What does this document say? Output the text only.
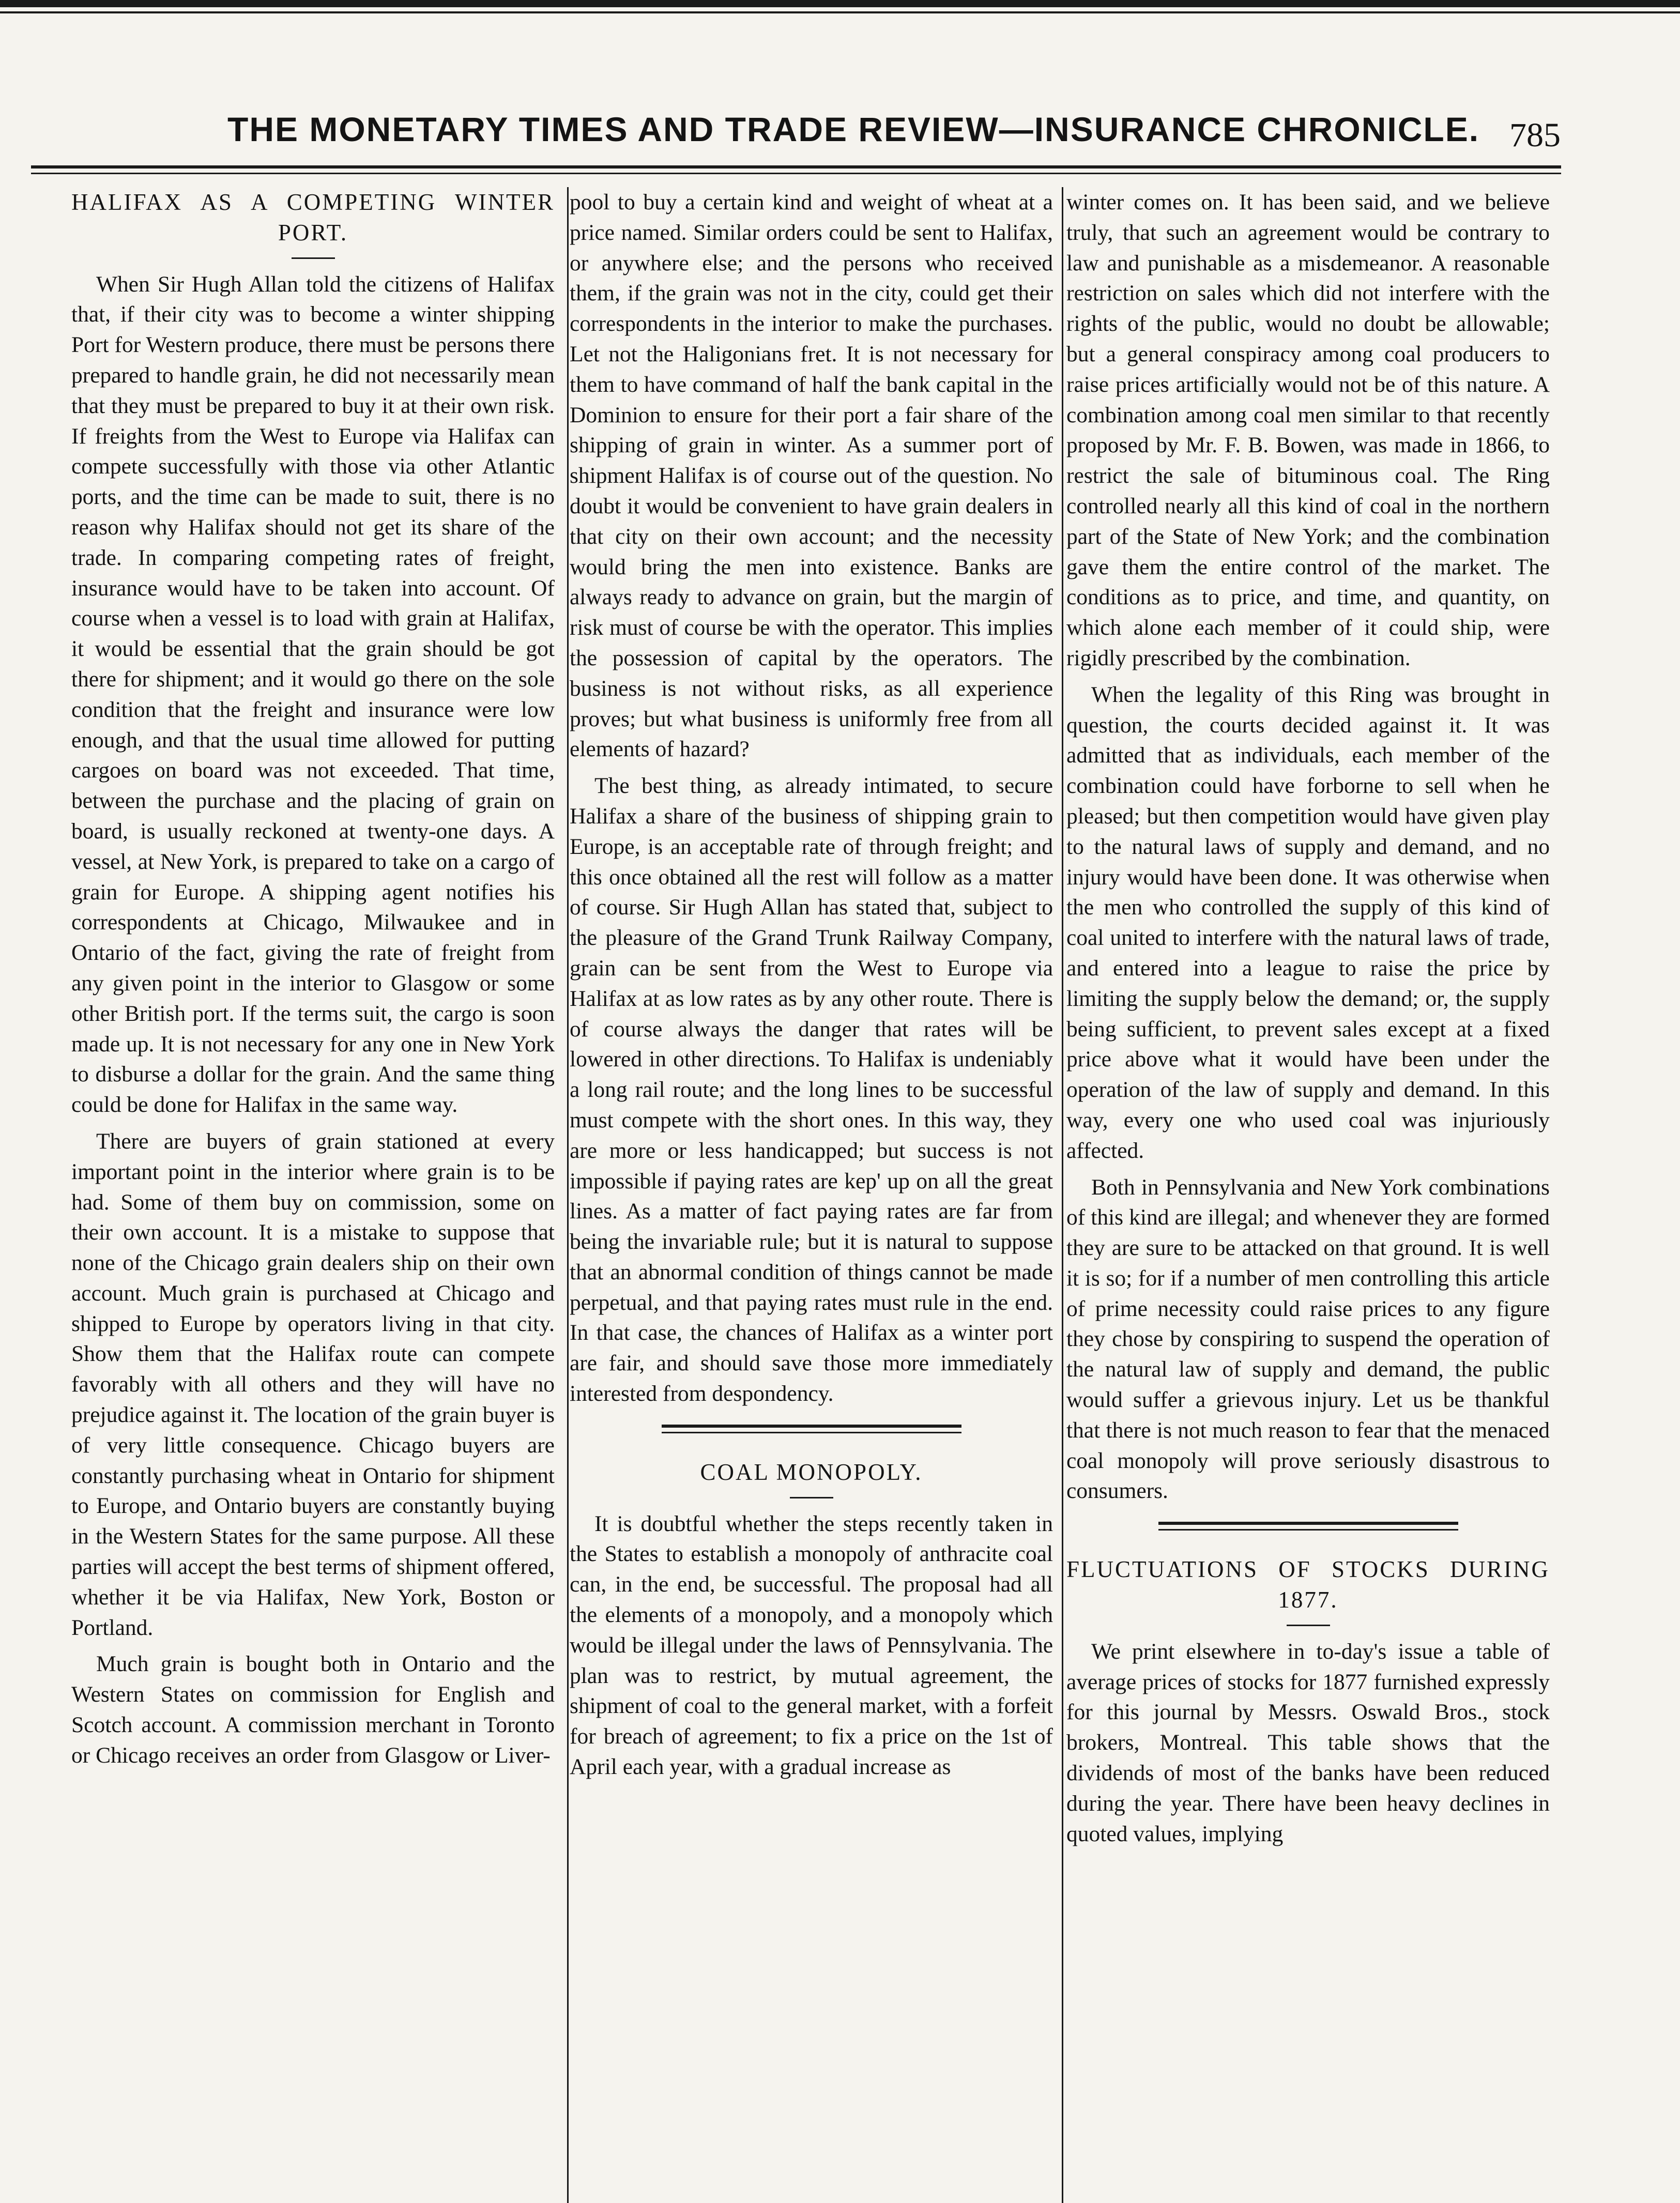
THE MONETARY TIMES AND TRADE REVIEW—INSURANCE CHRONICLE. 785
HALIFAX AS A COMPETING WINTER PORT.

When Sir Hugh Allan told the citizens of Halifax that, if their city was to become a winter shipping Port for Western produce, there must be persons there prepared to handle grain, he did not necessarily mean that they must be prepared to buy it at their own risk. If freights from the West to Europe via Halifax can compete successfully with those via other Atlantic ports, and the time can be made to suit, there is no reason why Halifax should not get its share of the trade. In comparing competing rates of freight, insurance would have to be taken into account. Of course when a vessel is to load with grain at Halifax, it would be essential that the grain should be got there for shipment; and it would go there on the sole condition that the freight and insurance were low enough, and that the usual time allowed for putting cargoes on board was not exceeded. That time, between the purchase and the placing of grain on board, is usually reckoned at twenty-one days. A vessel, at New York, is prepared to take on a cargo of grain for Europe. A shipping agent notifies his correspondents at Chicago, Milwaukee and in Ontario of the fact, giving the rate of freight from any given point in the interior to Glasgow or some other British port. If the terms suit, the cargo is soon made up. It is not necessary for any one in New York to disburse a dollar for the grain. And the same thing could be done for Halifax in the same way.

There are buyers of grain stationed at every important point in the interior where grain is to be had. Some of them buy on commission, some on their own account. It is a mistake to suppose that none of the Chicago grain dealers ship on their own account. Much grain is purchased at Chicago and shipped to Europe by operators living in that city. Show them that the Halifax route can compete favorably with all others and they will have no prejudice against it. The location of the grain buyer is of very little consequence. Chicago buyers are constantly purchasing wheat in Ontario for shipment to Europe, and Ontario buyers are constantly buying in the Western States for the same purpose. All these parties will accept the best terms of shipment offered, whether it be via Halifax, New York, Boston or Portland.

Much grain is bought both in Ontario and the Western States on commission for English and Scotch account. A commission merchant in Toronto or Chicago receives an order from Glasgow or Liver-

pool to buy a certain kind and weight of wheat at a price named. Similar orders could be sent to Halifax, or anywhere else; and the persons who received them, if the grain was not in the city, could get their correspondents in the interior to make the purchases. Let not the Haligonians fret. It is not necessary for them to have command of half the bank capital in the Dominion to ensure for their port a fair share of the shipping of grain in winter. As a summer port of shipment Halifax is of course out of the question. No doubt it would be convenient to have grain dealers in that city on their own account; and the necessity would bring the men into existence. Banks are always ready to advance on grain, but the margin of risk must of course be with the operator. This implies the possession of capital by the operators. The business is not without risks, as all experience proves; but what business is uniformly free from all elements of hazard?

The best thing, as already intimated, to secure Halifax a share of the business of shipping grain to Europe, is an acceptable rate of through freight; and this once obtained all the rest will follow as a matter of course. Sir Hugh Allan has stated that, subject to the pleasure of the Grand Trunk Railway Company, grain can be sent from the West to Europe via Halifax at as low rates as by any other route. There is of course always the danger that rates will be lowered in other directions. To Halifax is undeniably a long rail route; and the long lines to be successful must compete with the short ones. In this way, they are more or less handicapped; but success is not impossible if paying rates are kep' up on all the great lines. As a matter of fact paying rates are far from being the invariable rule; but it is natural to suppose that an abnormal condition of things cannot be made perpetual, and that paying rates must rule in the end. In that case, the chances of Halifax as a winter port are fair, and should save those more immediately interested from despondency.

COAL MONOPOLY.

It is doubtful whether the steps recently taken in the States to establish a monopoly of anthracite coal can, in the end, be successful. The proposal had all the elements of a monopoly, and a monopoly which would be illegal under the laws of Pennsylvania. The plan was to restrict, by mutual agreement, the shipment of coal to the general market, with a forfeit for breach of agreement; to fix a price on the 1st of April each year, with a gradual increase as

winter comes on. It has been said, and we believe truly, that such an agreement would be contrary to law and punishable as a misdemeanor. A reasonable restriction on sales which did not interfere with the rights of the public, would no doubt be allowable; but a general conspiracy among coal producers to raise prices artificially would not be of this nature. A combination among coal men similar to that recently proposed by Mr. F. B. Bowen, was made in 1866, to restrict the sale of bituminous coal. The Ring controlled nearly all this kind of coal in the northern part of the State of New York; and the combination gave them the entire control of the market. The conditions as to price, and time, and quantity, on which alone each member of it could ship, were rigidly prescribed by the combination.

When the legality of this Ring was brought in question, the courts decided against it. It was admitted that as individuals, each member of the combination could have forborne to sell when he pleased; but then competition would have given play to the natural laws of supply and demand, and no injury would have been done. It was otherwise when the men who controlled the supply of this kind of coal united to interfere with the natural laws of trade, and entered into a league to raise the price by limiting the supply below the demand; or, the supply being sufficient, to prevent sales except at a fixed price above what it would have been under the operation of the law of supply and demand. In this way, every one who used coal was injuriously affected.

Both in Pennsylvania and New York combinations of this kind are illegal; and whenever they are formed they are sure to be attacked on that ground. It is well it is so; for if a number of men controlling this article of prime necessity could raise prices to any figure they chose by conspiring to suspend the operation of the natural law of supply and demand, the public would suffer a grievous injury. Let us be thankful that there is not much reason to fear that the menaced coal monopoly will prove seriously disastrous to consumers.

FLUCTUATIONS OF STOCKS DURING 1877.

We print elsewhere in to-day's issue a table of average prices of stocks for 1877 furnished expressly for this journal by Messrs. Oswald Bros., stock brokers, Montreal. This table shows that the dividends of most of the banks have been reduced during the year. There have been heavy declines in quoted values, implying
